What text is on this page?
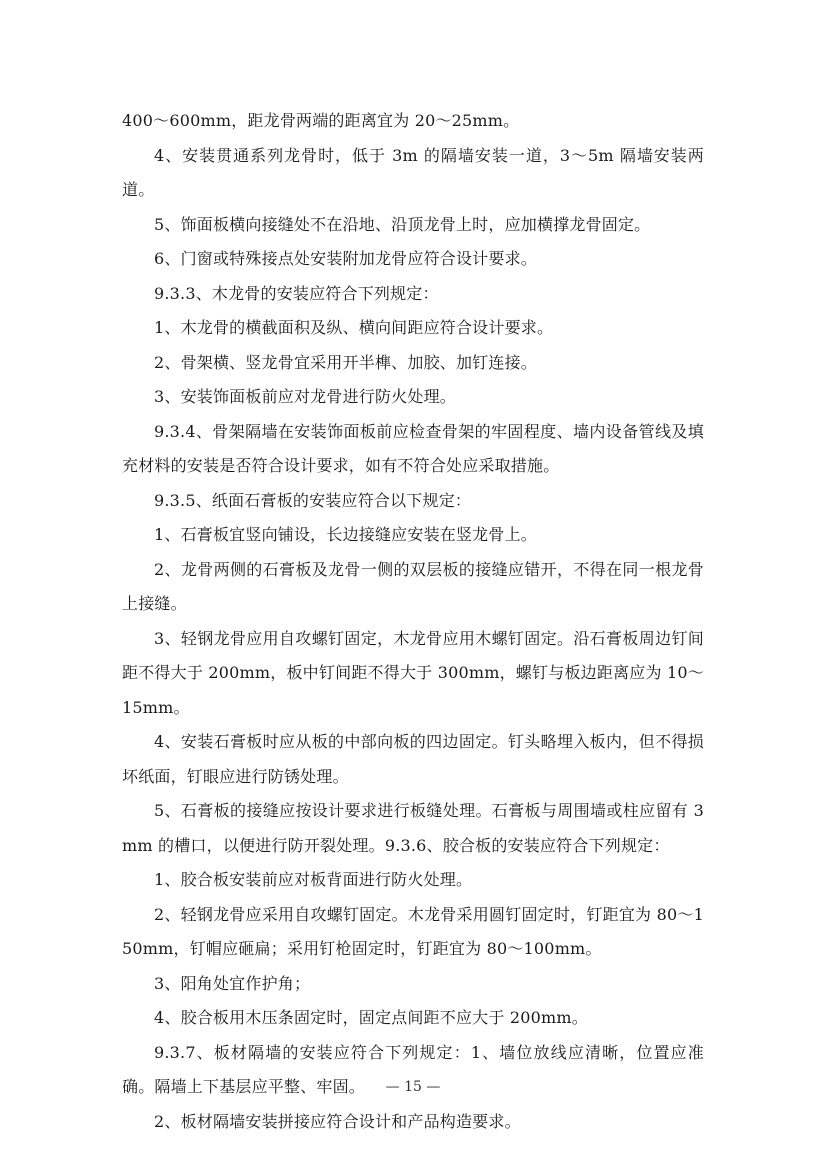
400～600mm，距龙骨两端的距离宜为 20～25mm。

4、安装贯通系列龙骨时，低于 3m 的隔墙安装一道，3～5m 隔墙安装两道。

5、饰面板横向接缝处不在沿地、沿顶龙骨上时，应加横撑龙骨固定。

6、门窗或特殊接点处安装附加龙骨应符合设计要求。

9.3.3、木龙骨的安装应符合下列规定：

1、木龙骨的横截面积及纵、横向间距应符合设计要求。

2、骨架横、竖龙骨宜采用开半榫、加胶、加钉连接。

3、安装饰面板前应对龙骨进行防火处理。

9.3.4、骨架隔墙在安装饰面板前应检查骨架的牢固程度、墙内设备管线及填充材料的安装是否符合设计要求，如有不符合处应采取措施。

9.3.5、纸面石膏板的安装应符合以下规定：

1、石膏板宜竖向铺设，长边接缝应安装在竖龙骨上。

2、龙骨两侧的石膏板及龙骨一侧的双层板的接缝应错开，不得在同一根龙骨上接缝。

3、轻钢龙骨应用自攻螺钉固定，木龙骨应用木螺钉固定。沿石膏板周边钉间距不得大于 200mm，板中钉间距不得大于 300mm，螺钉与板边距离应为 10～15mm。

4、安装石膏板时应从板的中部向板的四边固定。钉头略埋入板内，但不得损坏纸面，钉眼应进行防锈处理。

5、石膏板的接缝应按设计要求进行板缝处理。石膏板与周围墙或柱应留有 3mm 的槽口，以便进行防开裂处理。9.3.6、胶合板的安装应符合下列规定：

1、胶合板安装前应对板背面进行防火处理。

2、轻钢龙骨应采用自攻螺钉固定。木龙骨采用圆钉固定时，钉距宜为 80～150mm，钉帽应砸扁；采用钉枪固定时，钉距宜为 80～100mm。

3、阳角处宜作护角；

4、胶合板用木压条固定时，固定点间距不应大于 200mm。

9.3.7、板材隔墙的安装应符合下列规定：1、墙位放线应清晰，位置应准确。隔墙上下基层应平整、牢固。

2、板材隔墙安装拼接应符合设计和产品构造要求。

— 15 —
